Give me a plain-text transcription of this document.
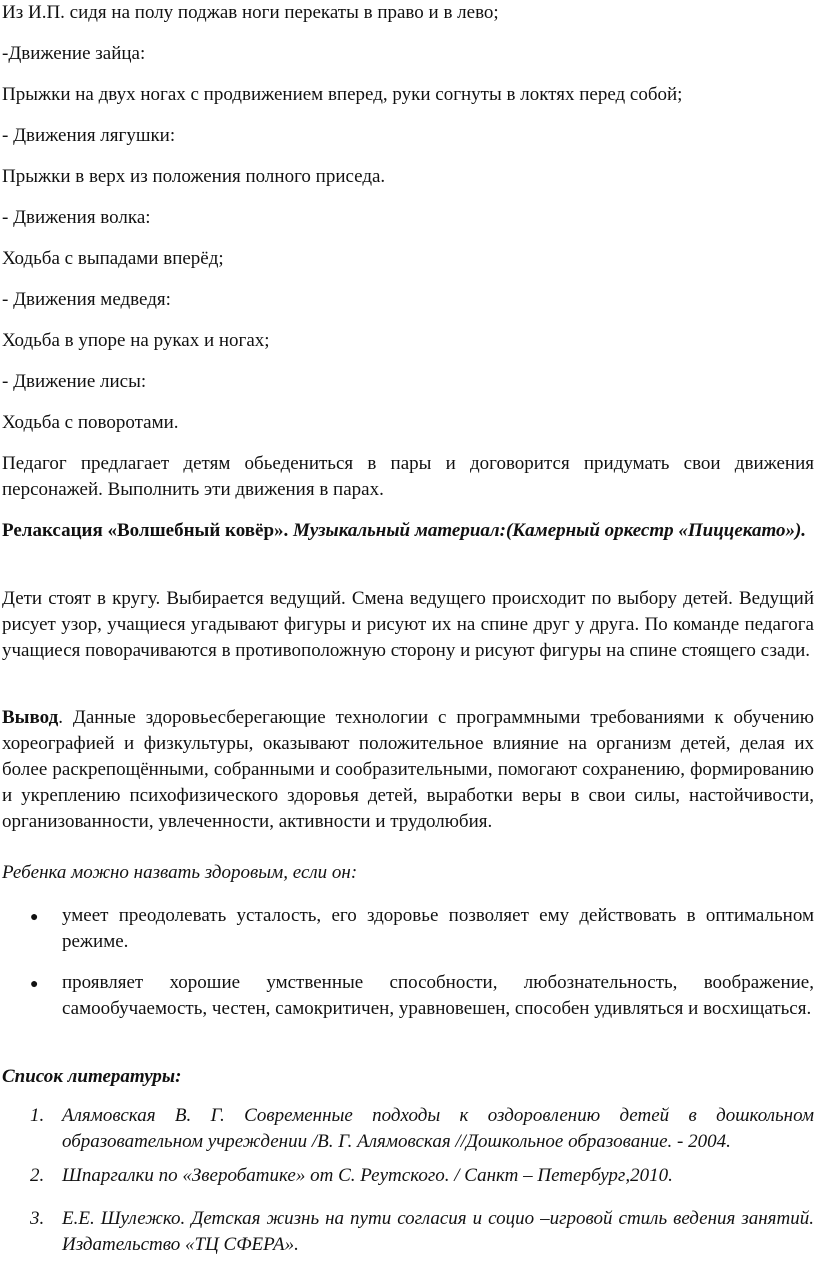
Из И.П. сидя на полу поджав ноги перекаты в право и в лево;

-Движение зайца:

Прыжки на двух ногах с продвижением вперед, руки согнуты в локтях перед собой;

- Движения лягушки:

Прыжки в верх из положения полного приседа.

- Движения волка:

Ходьба с выпадами вперёд;

- Движения медведя:

Ходьба в упоре на руках и ногах;

- Движение лисы:

Ходьба с поворотами.

Педагог предлагает детям обьедениться в пары и договорится придумать свои движения персонажей. Выполнить эти движения в парах.

Релаксация «Волшебный ковёр». Музыкальный материал:(Камерный оркестр «Пиццекато»).

Дети стоят в кругу. Выбирается ведущий. Смена ведущего происходит по выбору детей. Ведущий рисует узор, учащиеся угадывают фигуры и рисуют их на спине друг у друга. По команде педагога учащиеся поворачиваются в противоположную сторону и рисуют фигуры на спине стоящего сзади.

Вывод. Данные здоровьесберегающие технологии с программными требованиями к обучению хореографией и физкультуры, оказывают положительное влияние на организм детей, делая их более раскрепощёнными, собранными и сообразительными, помогают сохранению, формированию и укреплению психофизического здоровья детей, выработки веры в свои силы, настойчивости, организованности, увлеченности, активности и трудолюбия.

Ребенка можно назвать здоровым, если он:

● умеет преодолевать усталость, его здоровье позволяет ему действовать в оптимальном режиме.
● проявляет хорошие умственные способности, любознательность, воображение, самообучаемость, честен, самокритичен, уравновешен, способен удивляться и восхищаться.

Список литературы:

1. Алямовская В. Г. Современные подходы к оздоровлению детей в дошкольном образовательном учреждении /В. Г. Алямовская //Дошкольное образование. - 2004.
2. Шпаргалки по «Зверобатике» от С. Реутского. / Санкт – Петербург,2010.
3. Е.Е. Шулежко. Детская жизнь на пути согласия и социо –игровой стиль ведения занятий. Издательство «ТЦ СФЕРА».
